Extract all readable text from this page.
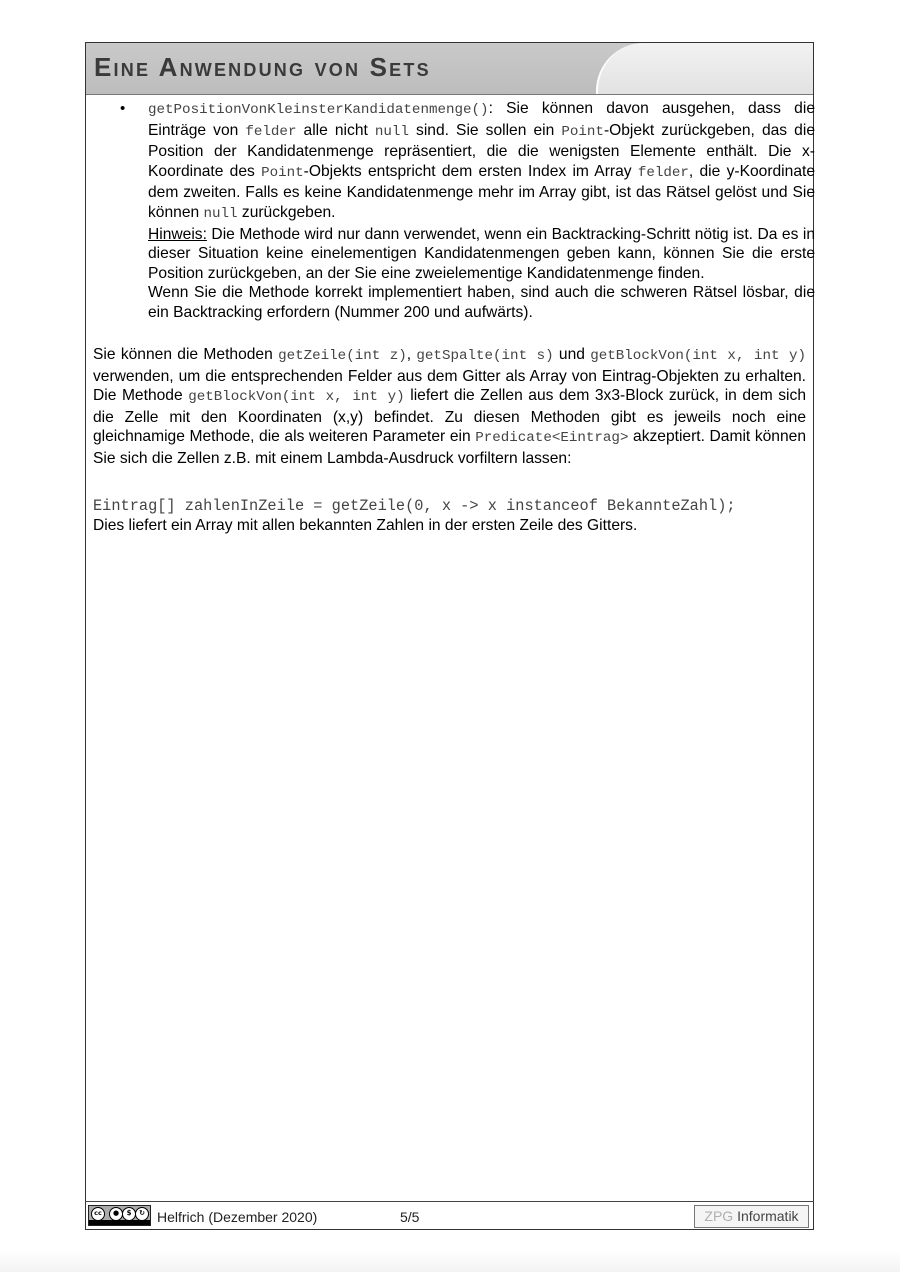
Eine Anwendung von Sets
• getPositionVonKleinsterKandidatenmenge(): Sie können davon ausgehen, dass die Einträge von felder alle nicht null sind. Sie sollen ein Point-Objekt zurückgeben, das die Position der Kandidatenmenge repräsentiert, die die wenigsten Elemente enthält. Die x-Koordinate des Point-Objekts entspricht dem ersten Index im Array felder, die y-Koordinate dem zweiten. Falls es keine Kandidatenmenge mehr im Array gibt, ist das Rätsel gelöst und Sie können null zurückgeben.

Hinweis: Die Methode wird nur dann verwendet, wenn ein Backtracking-Schritt nötig ist. Da es in dieser Situation keine einelementigen Kandidatenmengen geben kann, können Sie die erste Position zurückgeben, an der Sie eine zweielementige Kandidatenmenge finden.

Wenn Sie die Methode korrekt implementiert haben, sind auch die schweren Rätsel lösbar, die ein Backtracking erfordern (Nummer 200 und aufwärts).

Sie können die Methoden getZeile(int z), getSpalte(int s) und getBlockVon(int x, int y) verwenden, um die entsprechenden Felder aus dem Gitter als Array von Eintrag-Objekten zu erhalten. Die Methode getBlockVon(int x, int y) liefert die Zellen aus dem 3x3-Block zurück, in dem sich die Zelle mit den Koordinaten (x,y) befindet. Zu diesen Methoden gibt es jeweils noch eine gleichnamige Methode, die als weiteren Parameter ein Predicate<Eintrag> akzeptiert. Damit können Sie sich die Zellen z.B. mit einem Lambda-Ausdruck vorfiltern lassen:
Eintrag[] zahlenInZeile = getZeile(0, x -> x instanceof BekannteZahl);
Dies liefert ein Array mit allen bekannten Zahlen in der ersten Zeile des Gitters.
cc	●	$	↻ Helfrich (Dezember 2020)	5/5	ZPG Informatik
